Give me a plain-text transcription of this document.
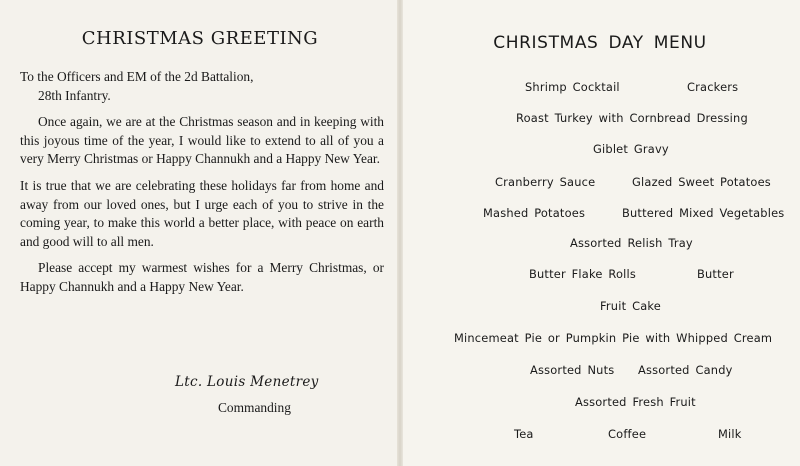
CHRISTMAS GREETING

To the Officers and EM of the 2d Battalion,
28th Infantry.

Once again, we are at the Christmas season and in keeping with this joyous time of the year, I would like to extend to all of you a very Merry Christmas or Happy Channukh and a Happy New Year.

It is true that we are celebrating these holidays far from home and away from our loved ones, but I urge each of you to strive in the coming year, to make this world a better place, with peace on earth and good will to all men.

Please accept my warmest wishes for a Merry Christmas, or Happy Channukh and a Happy New Year.

Ltc. Louis Menetrey
Commanding
CHRISTMAS DAY MENU
Shrimp Cocktail	Crackers
Roast Turkey with Cornbread Dressing
Giblet Gravy
Cranberry Sauce	Glazed Sweet Potatoes
Mashed Potatoes	Buttered Mixed Vegetables
Assorted Relish Tray
Butter Flake Rolls	Butter
Fruit Cake
Mincemeat Pie or Pumpkin Pie with Whipped Cream
Assorted Nuts Assorted Candy
Assorted Fresh Fruit
Tea	Coffee	Milk
